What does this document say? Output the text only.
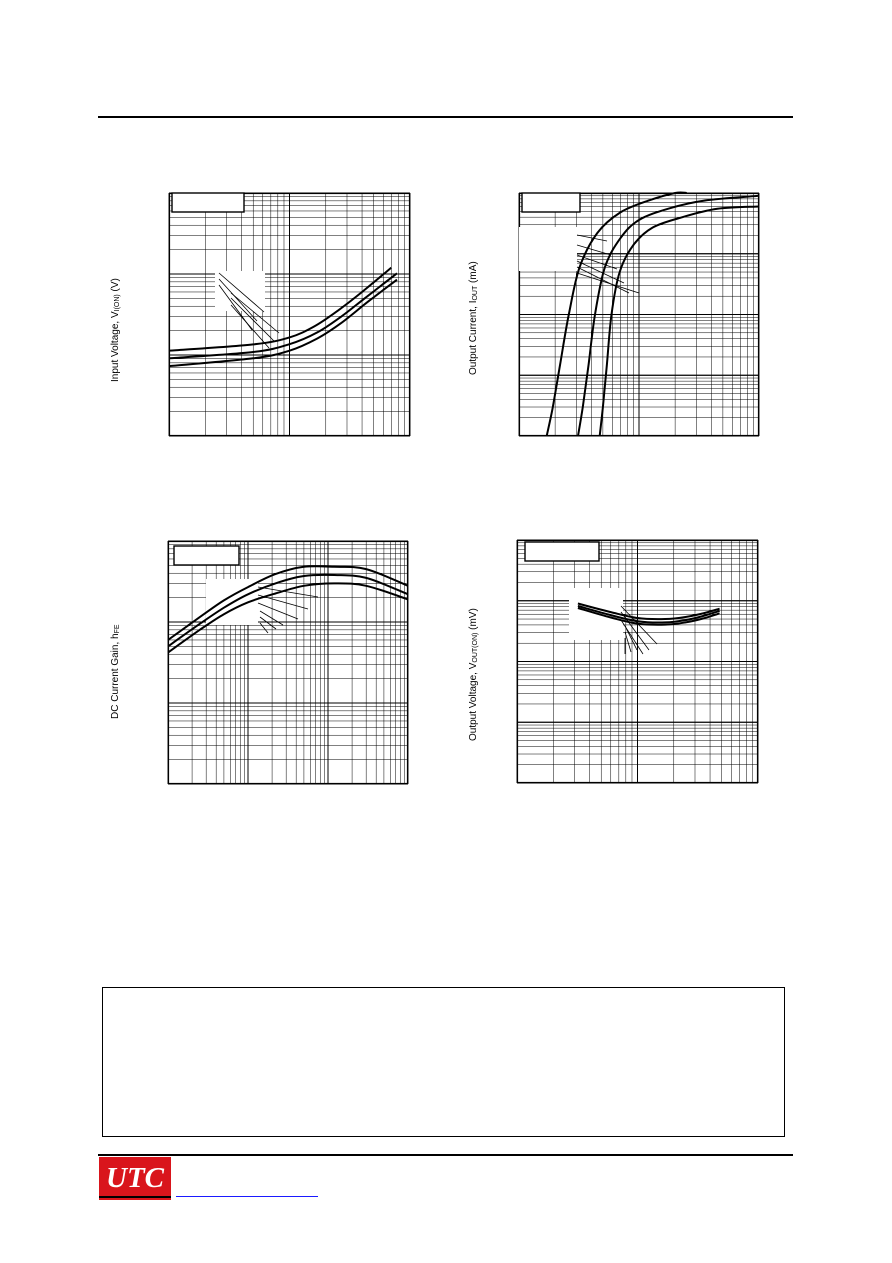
Input Voltage, $V_{I(ON)}$ (V)
Output Current, $I_{OUT}$ (mA)
DC Current Gain, $h_{FE}$
Output Voltage, $V_{OUT(ON)}$ (mV)
UTC
